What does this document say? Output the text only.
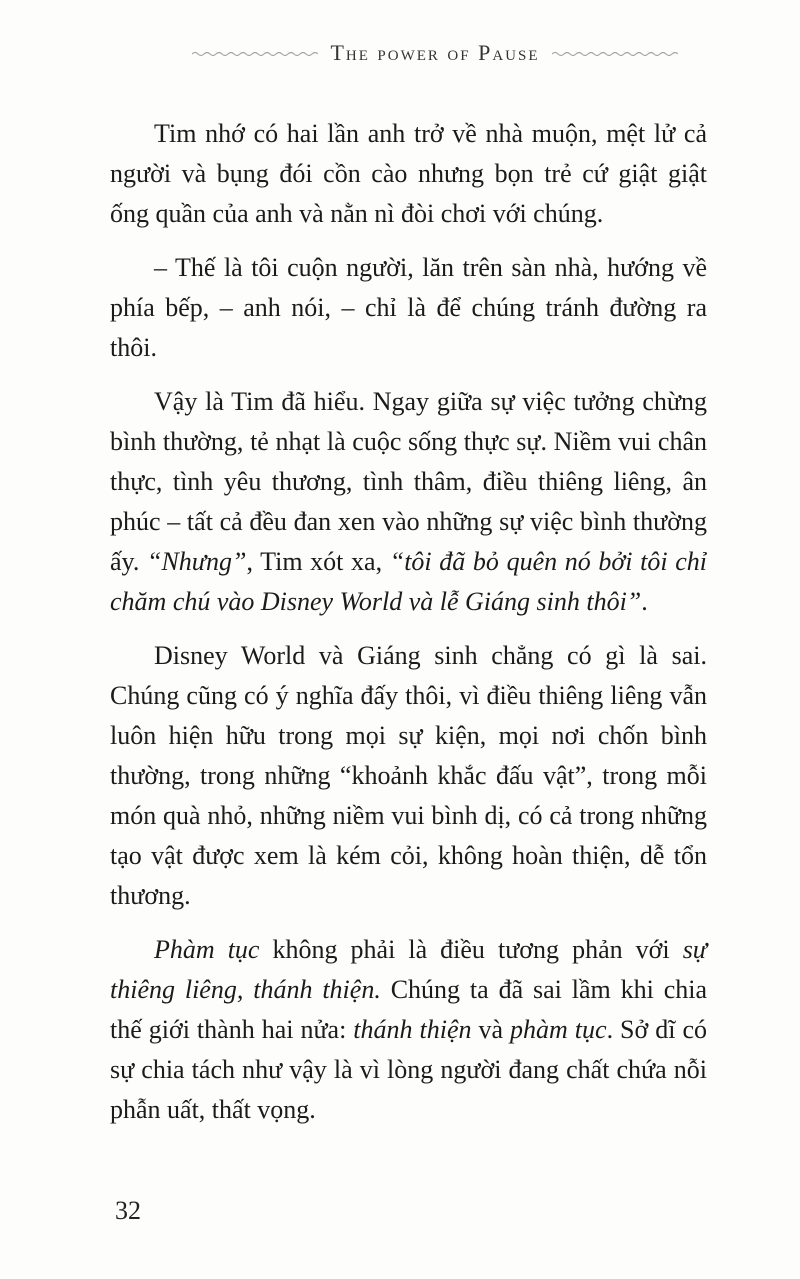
The power of Pause

Tim nhớ có hai lần anh trở về nhà muộn, mệt lử cả người và bụng đói cồn cào nhưng bọn trẻ cứ giật giật ống quần của anh và nằn nì đòi chơi với chúng.

– Thế là tôi cuộn người, lăn trên sàn nhà, hướng về phía bếp, – anh nói, – chỉ là để chúng tránh đường ra thôi.

Vậy là Tim đã hiểu. Ngay giữa sự việc tưởng chừng bình thường, tẻ nhạt là cuộc sống thực sự. Niềm vui chân thực, tình yêu thương, tình thâm, điều thiêng liêng, ân phúc – tất cả đều đan xen vào những sự việc bình thường ấy. “Nhưng”, Tim xót xa, “tôi đã bỏ quên nó bởi tôi chỉ chăm chú vào Disney World và lễ Giáng sinh thôi”.

Disney World và Giáng sinh chẳng có gì là sai. Chúng cũng có ý nghĩa đấy thôi, vì điều thiêng liêng vẫn luôn hiện hữu trong mọi sự kiện, mọi nơi chốn bình thường, trong những “khoảnh khắc đấu vật”, trong mỗi món quà nhỏ, những niềm vui bình dị, có cả trong những tạo vật được xem là kém cỏi, không hoàn thiện, dễ tổn thương.

Phàm tục không phải là điều tương phản với sự thiêng liêng, thánh thiện. Chúng ta đã sai lầm khi chia thế giới thành hai nửa: thánh thiện và phàm tục. Sở dĩ có sự chia tách như vậy là vì lòng người đang chất chứa nỗi phẫn uất, thất vọng.

32
